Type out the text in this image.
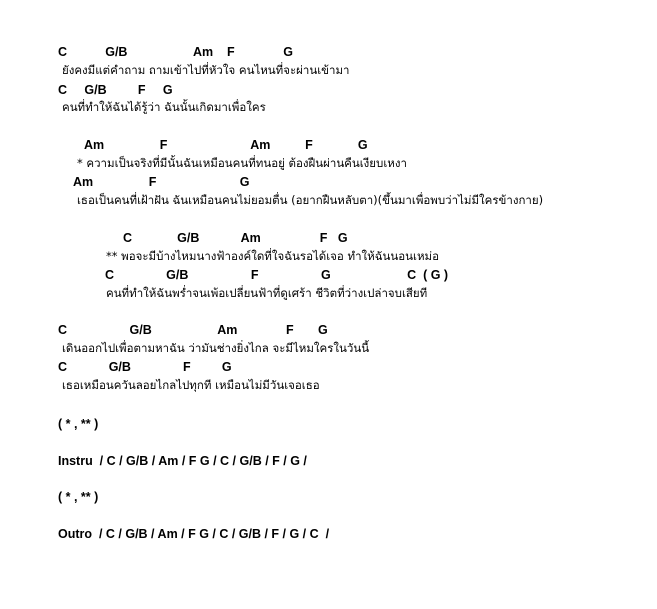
C           G/B                   Am    F              G
ยังคงมีแต่คำถาม ถามเข้าไปที่หัวใจ คนไหนที่จะผ่านเข้ามา
C     G/B         F     G
คนที่ทำให้ฉันได้รู้ว่า ฉันนั้นเกิดมาเพื่อใคร
Am                F                        Am          F             G
* ความเป็นจริงที่มีนั้นฉันเหมือนคนที่ทนอยู่ ต้องฝืนผ่านคืนเงียบเหงา
Am                F                        G
เธอเป็นคนที่เฝ้าฝัน ฉันเหมือนคนไม่ยอมตื่น (อยากฝืนหลับตา)(ขึ้นมาเพื่อพบว่าไม่มีใครข้างกาย)
C             G/B            Am                 F   G
** พอจะมีบ้างไหมนางฟ้าองค์ใดที่ใจฉันรอได้เจอ ทำให้ฉันนอนเหม่อ
C               G/B                  F                  G                      C  ( G )
คนที่ทำให้ฉันพร่ำจนเพ้อเปลี่ยนฟ้าที่ดูเศร้า ชีวิตที่ว่างเปล่าจบเสียที
C                  G/B                   Am              F       G
เดินออกไปเพื่อตามหาฉัน ว่ามันช่างยิ่งไกล จะมีไหมใครในวันนี้
C            G/B               F         G
เธอเหมือนควันลอยไกลไปทุกที เหมือนไม่มีวันเจอเธอ
( * , ** )
Instru  / C / G/B / Am / F G / C / G/B / F / G /
( * , ** )
Outro  / C / G/B / Am / F G / C / G/B / F / G / C  /
